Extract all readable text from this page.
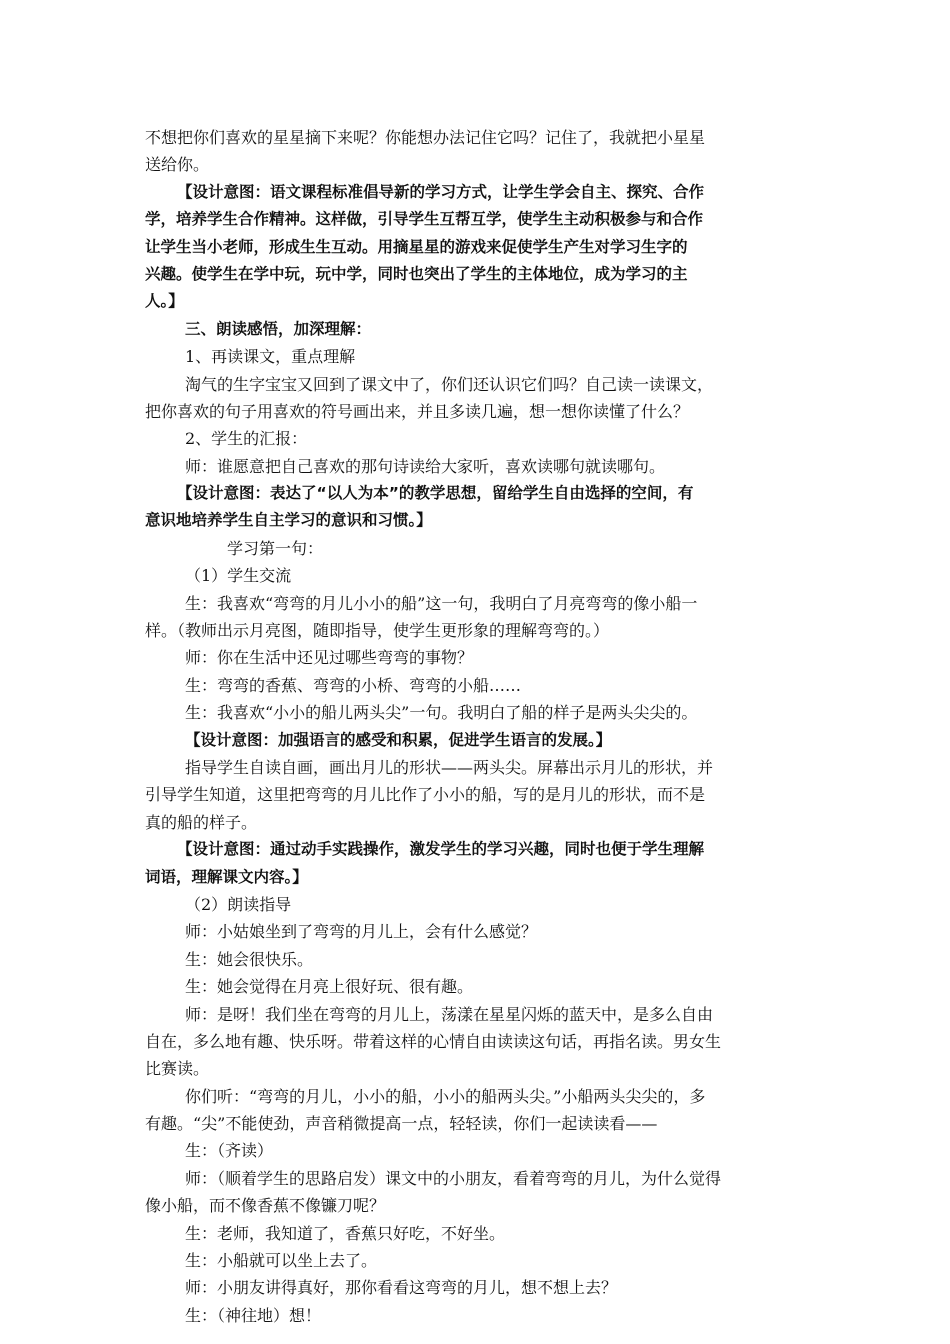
不想把你们喜欢的星星摘下来呢？你能想办法记住它吗？记住了，我就把小星星
送给你。
【设计意图：语文课程标准倡导新的学习方式，让学生学会自主、探究、合作
学，培养学生合作精神。这样做，引导学生互帮互学，使学生主动积极参与和合作
让学生当小老师，形成生生互动。用摘星星的游戏来促使学生产生对学习生字的
兴趣。使学生在学中玩，玩中学，同时也突出了学生的主体地位，成为学习的主
人。】
三、朗读感悟，加深理解：
1、再读课文，重点理解
淘气的生字宝宝又回到了课文中了，你们还认识它们吗？自己读一读课文，
把你喜欢的句子用喜欢的符号画出来，并且多读几遍，想一想你读懂了什么？
2、学生的汇报：
师：谁愿意把自己喜欢的那句诗读给大家听，喜欢读哪句就读哪句。
【设计意图：表达了“以人为本”的教学思想，留给学生自由选择的空间，有
意识地培养学生自主学习的意识和习惯。】
学习第一句：
（1）学生交流
生：我喜欢“弯弯的月儿小小的船”这一句，我明白了月亮弯弯的像小船一
样。（教师出示月亮图，随即指导，使学生更形象的理解弯弯的。）
师：你在生活中还见过哪些弯弯的事物？
生：弯弯的香蕉、弯弯的小桥、弯弯的小船……
生：我喜欢“小小的船儿两头尖”一句。我明白了船的样子是两头尖尖的。
【设计意图：加强语言的感受和积累，促进学生语言的发展。】
指导学生自读自画，画出月儿的形状——两头尖。屏幕出示月儿的形状，并
引导学生知道，这里把弯弯的月儿比作了小小的船，写的是月儿的形状，而不是
真的船的样子。
【设计意图：通过动手实践操作，激发学生的学习兴趣，同时也便于学生理解
词语，理解课文内容。】
（2）朗读指导
师：小姑娘坐到了弯弯的月儿上，会有什么感觉？
生：她会很快乐。
生：她会觉得在月亮上很好玩、很有趣。
师：是呀！我们坐在弯弯的月儿上，荡漾在星星闪烁的蓝天中，是多么自由
自在，多么地有趣、快乐呀。带着这样的心情自由读读这句话，再指名读。男女生
比赛读。
你们听：“弯弯的月儿，小小的船，小小的船两头尖。”小船两头尖尖的，多
有趣。“尖”不能使劲，声音稍微提高一点，轻轻读，你们一起读读看——
生：（齐读）
师：（顺着学生的思路启发）课文中的小朋友，看着弯弯的月儿，为什么觉得
像小船，而不像香蕉不像镰刀呢？
生：老师，我知道了，香蕉只好吃，不好坐。
生：小船就可以坐上去了。
师：小朋友讲得真好，那你看看这弯弯的月儿，想不想上去？
生：（神往地）想！
